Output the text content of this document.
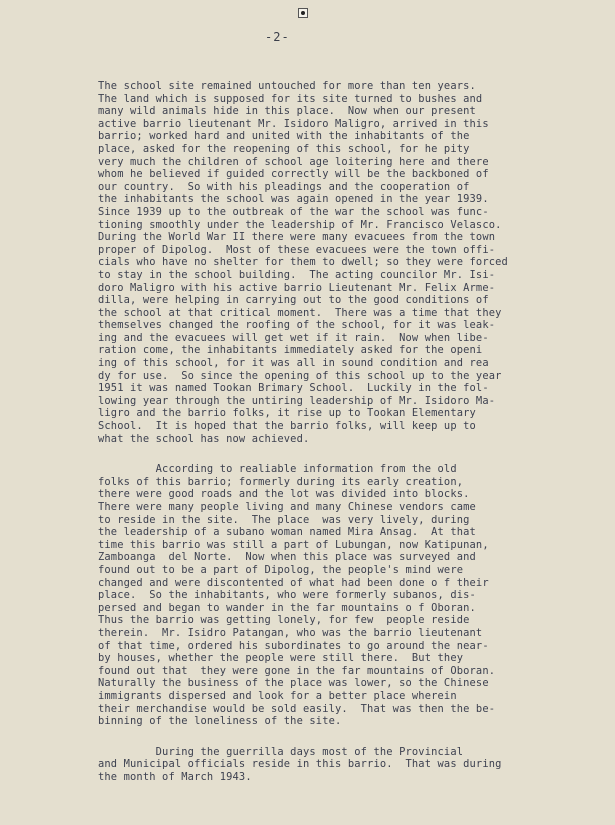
-2-
The school site remained untouched for more than ten years.
The land which is supposed for its site turned to bushes and
many wild animals hide in this place.  Now when our present
active barrio lieutenant Mr. Isidoro Maligro, arrived in this
barrio; worked hard and united with the inhabitants of the
place, asked for the reopening of this school, for he pity
very much the children of school age loitering here and there
whom he believed if guided correctly will be the backboned of
our country.  So with his pleadings and the cooperation of
the inhabitants the school was again opened in the year 1939.
Since 1939 up to the outbreak of the war the school was func-
tioning smoothly under the leadership of Mr. Francisco Velasco.
During the World War II there were many evacuees from the town
proper of Dipolog.  Most of these evacuees were the town offi-
cials who have no shelter for them to dwell; so they were forced
to stay in the school building.  The acting councilor Mr. Isi-
doro Maligro with his active barrio Lieutenant Mr. Felix Arme-
dilla, were helping in carrying out to the good conditions of
the school at that critical moment.  There was a time that they
themselves changed the roofing of the school, for it was leak-
ing and the evacuees will get wet if it rain.  Now when libe-
ration come, the inhabitants immediately asked for the openi
ing of this school, for it was all in sound condition and rea
dy for use.  So since the opening of this school up to the year
1951 it was named Tookan Brimary School.  Luckily in the fol-
lowing year through the untiring leadership of Mr. Isidoro Ma-
ligro and the barrio folks, it rise up to Tookan Elementary
School.  It is hoped that the barrio folks, will keep up to
what the school has now achieved.
According to realiable information from the old
folks of this barrio; formerly during its early creation,
there were good roads and the lot was divided into blocks.
There were many people living and many Chinese vendors came
to reside in the site.  The place  was very lively, during
the leadership of a subano woman named Mira Ansag.  At that
time this barrio was still a part of Lubungan, now Katipunan,
Zamboanga  del Norte.  Now when this place was surveyed and
found out to be a part of Dipolog, the people's mind were
changed and were discontented of what had been done o f their
place.  So the inhabitants, who were formerly subanos, dis-
persed and began to wander in the far mountains o f Oboran.
Thus the barrio was getting lonely, for few  people reside
therein.  Mr. Isidro Patangan, who was the barrio lieutenant
of that time, ordered his subordinates to go around the near-
by houses, whether the people were still there.  But they
found out that  they were gone in the far mountains of Oboran.
Naturally the business of the place was lower, so the Chinese
immigrants dispersed and look for a better place wherein
their merchandise would be sold easily.  That was then the be-
binning of the loneliness of the site.
During the guerrilla days most of the Provincial
and Municipal officials reside in this barrio.  That was during
the month of March 1943.
